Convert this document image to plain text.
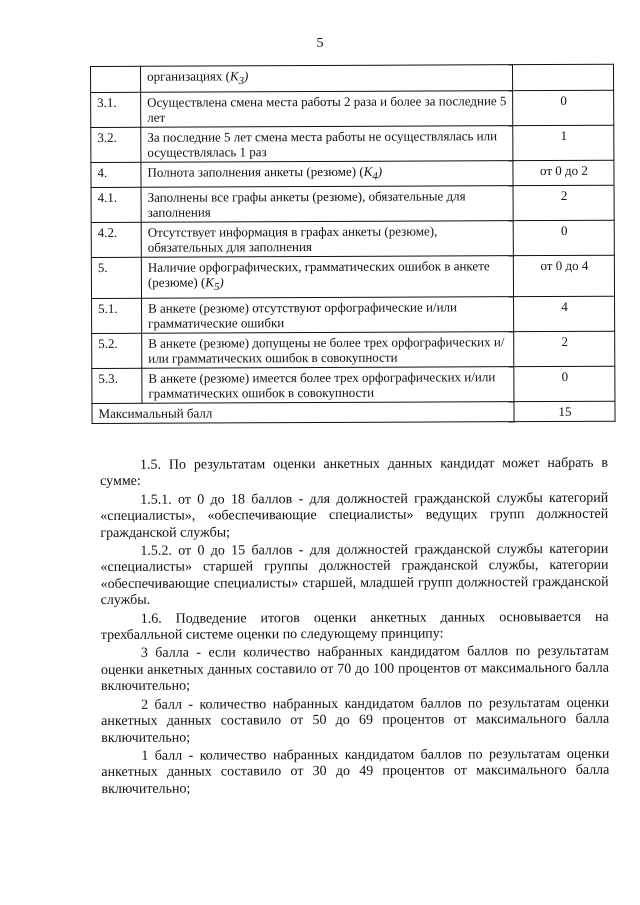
5
	организациях $(К_3)$	
3.1.	Осуществлена смена места работы 2 раза и более за последние 5 лет	0
3.2.	За последние 5 лет смена места работы не осуществлялась или осуществлялась 1 раз	1
4.	Полнота заполнения анкеты (резюме) $(К_4)$	от 0 до 2
4.1.	Заполнены все графы анкеты (резюме), обязательные для заполнения	2
4.2.	Отсутствует информация в графах анкеты (резюме), обязательных для заполнения	0
5.	Наличие орфографических, грамматических ошибок в анкете (резюме) $(К_5)$	от 0 до 4
5.1.	В анкете (резюме) отсутствуют орфографические и/или грамматические ошибки	4
5.2.	В анкете (резюме) допущены не более трех орфографических и/или грамматических ошибок в совокупности	2
5.3.	В анкете (резюме) имеется более трех орфографических и/или грамматических ошибок в совокупности	0
Максимальный балл		15

1.5. По результатам оценки анкетных данных кандидат может набрать в сумме:

1.5.1. от 0 до 18 баллов - для должностей гражданской службы категорий «специалисты», «обеспечивающие специалисты» ведущих групп должностей гражданской службы;

1.5.2. от 0 до 15 баллов - для должностей гражданской службы категории «специалисты» старшей группы должностей гражданской службы, категории «обеспечивающие специалисты» старшей, младшей групп должностей гражданской службы.

1.6. Подведение итогов оценки анкетных данных основывается на трехбалльной системе оценки по следующему принципу:

3 балла - если количество набранных кандидатом баллов по результатам оценки анкетных данных составило от 70 до 100 процентов от максимального балла включительно;

2 балл - количество набранных кандидатом баллов по результатам оценки анкетных данных составило от 50 до 69 процентов от максимального балла включительно;

1 балл - количество набранных кандидатом баллов по результатам оценки анкетных данных составило от 30 до 49 процентов от максимального балла включительно;
